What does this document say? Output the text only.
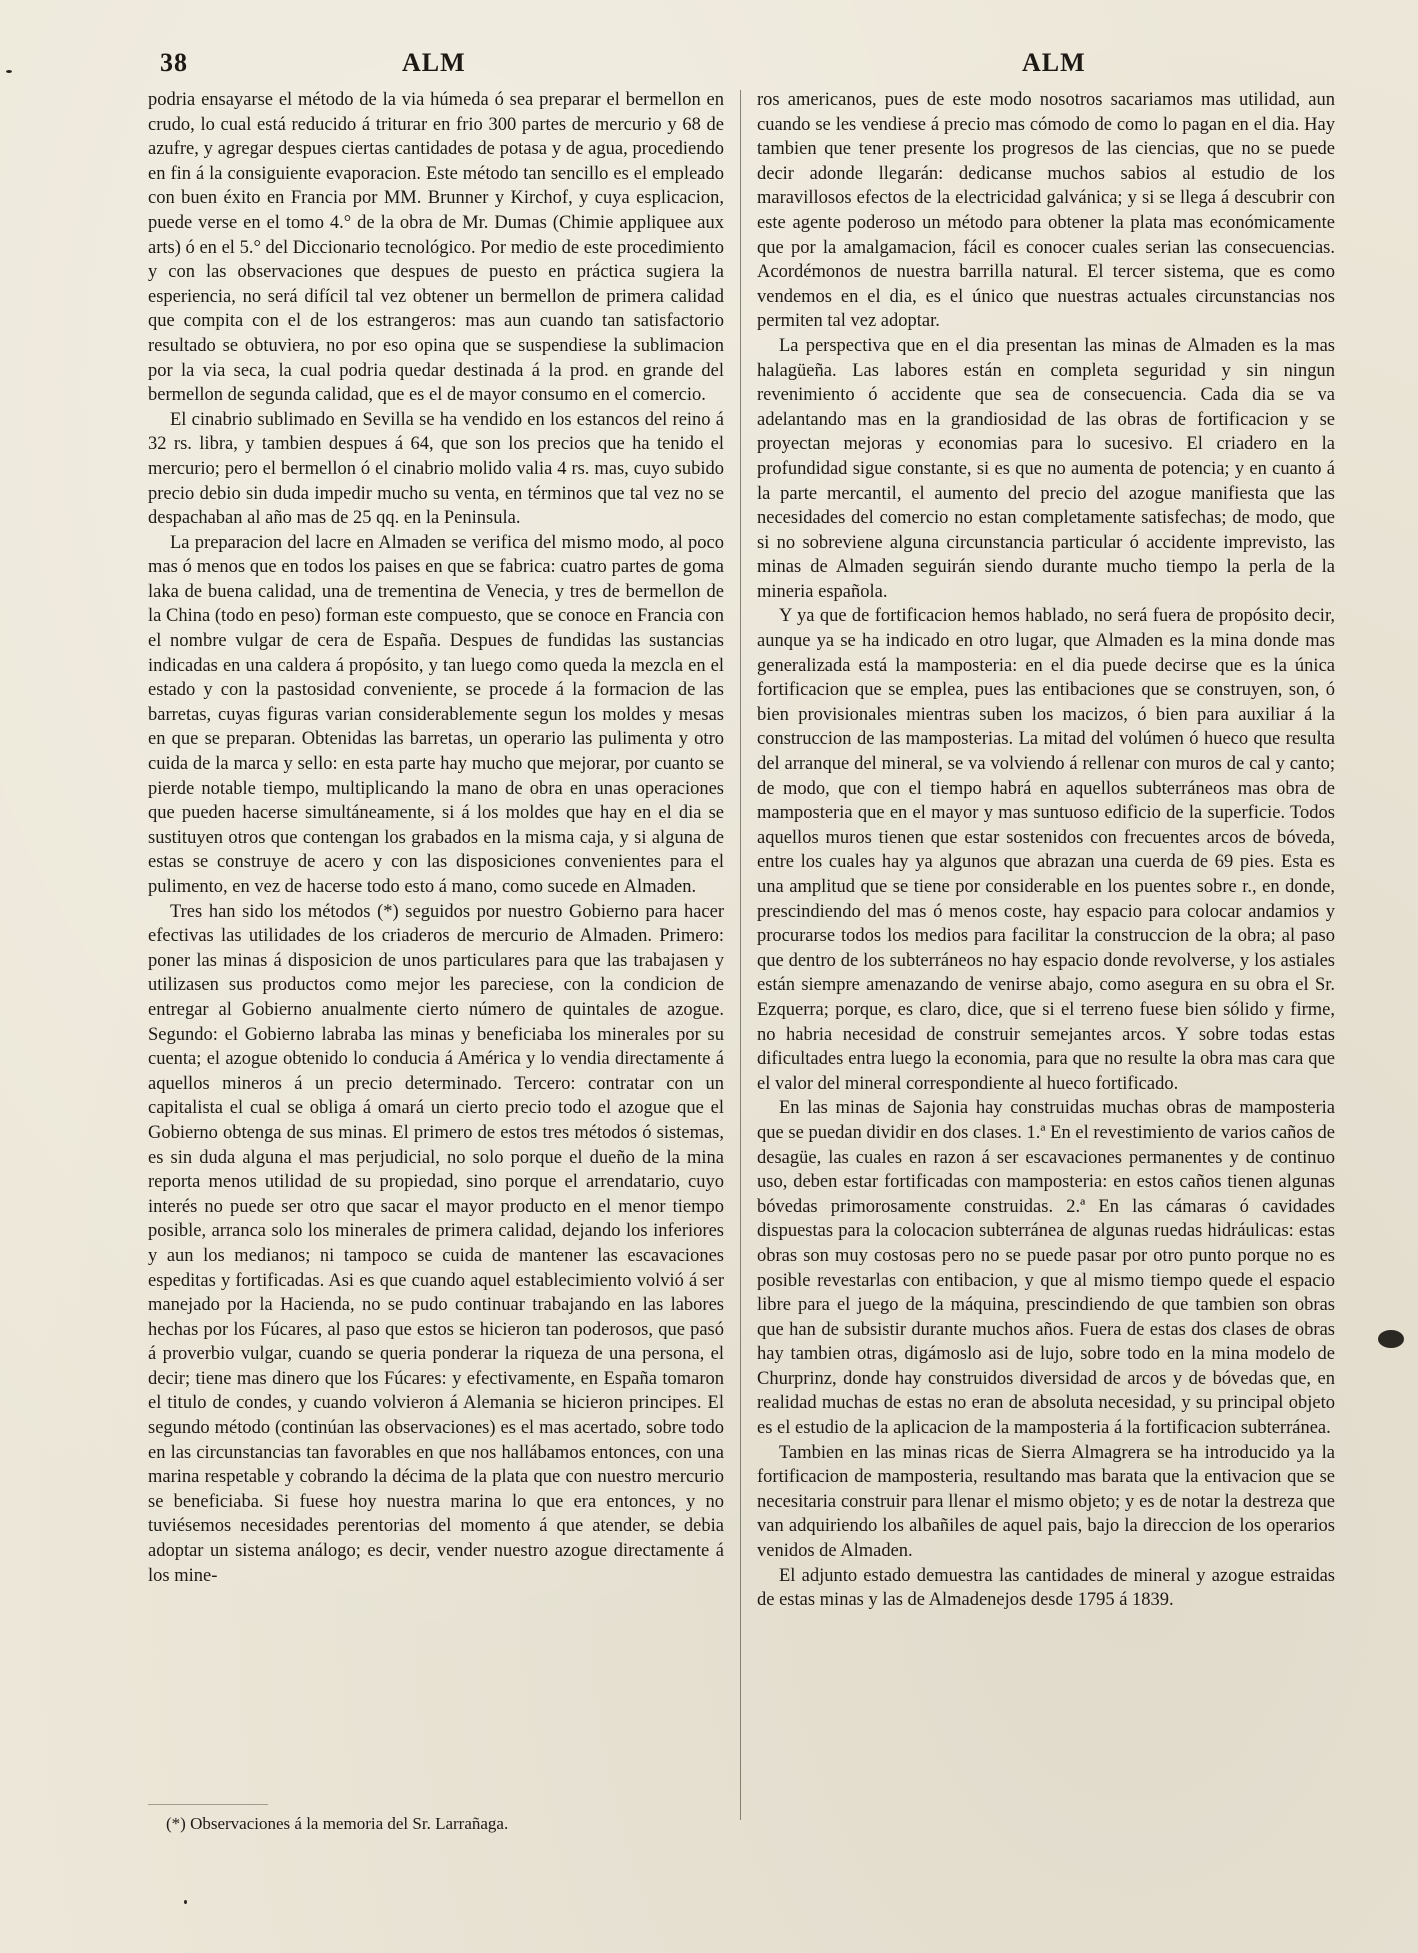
38	ALM	ALM

podria ensayarse el método de la via húmeda ó sea preparar el bermellon en crudo, lo cual está reducido á triturar en frio 300 partes de mercurio y 68 de azufre, y agregar despues ciertas cantidades de potasa y de agua, procediendo en fin á la consiguiente evaporacion. Este método tan sencillo es el empleado con buen éxito en Francia por MM. Brunner y Kirchof, y cuya esplicacion, puede verse en el tomo 4.° de la obra de Mr. Dumas (Chimie appliquee aux arts) ó en el 5.° del Diccionario tecnológico. Por medio de este procedimiento y con las observaciones que despues de puesto en práctica sugiera la esperiencia, no será difícil tal vez obtener un bermellon de primera calidad que compita con el de los estrangeros: mas aun cuando tan satisfactorio resultado se obtuviera, no por eso opina que se suspendiese la sublimacion por la via seca, la cual podria quedar destinada á la prod. en grande del bermellon de segunda calidad, que es el de mayor consumo en el comercio.

El cinabrio sublimado en Sevilla se ha vendido en los estancos del reino á 32 rs. libra, y tambien despues á 64, que son los precios que ha tenido el mercurio; pero el bermellon ó el cinabrio molido valia 4 rs. mas, cuyo subido precio debio sin duda impedir mucho su venta, en términos que tal vez no se despachaban al año mas de 25 qq. en la Peninsula.

La preparacion del lacre en Almaden se verifica del mismo modo, al poco mas ó menos que en todos los paises en que se fabrica: cuatro partes de goma laka de buena calidad, una de trementina de Venecia, y tres de bermellon de la China (todo en peso) forman este compuesto, que se conoce en Francia con el nombre vulgar de cera de España. Despues de fundidas las sustancias indicadas en una caldera á propósito, y tan luego como queda la mezcla en el estado y con la pastosidad conveniente, se procede á la formacion de las barretas, cuyas figuras varian considerablemente segun los moldes y mesas en que se preparan. Obtenidas las barretas, un operario las pulimenta y otro cuida de la marca y sello: en esta parte hay mucho que mejorar, por cuanto se pierde notable tiempo, multiplicando la mano de obra en unas operaciones que pueden hacerse simultáneamente, si á los moldes que hay en el dia se sustituyen otros que contengan los grabados en la misma caja, y si alguna de estas se construye de acero y con las disposiciones convenientes para el pulimento, en vez de hacerse todo esto á mano, como sucede en Almaden.

Tres han sido los métodos (*) seguidos por nuestro Gobierno para hacer efectivas las utilidades de los criaderos de mercurio de Almaden. Primero: poner las minas á disposicion de unos particulares para que las trabajasen y utilizasen sus productos como mejor les pareciese, con la condicion de entregar al Gobierno anualmente cierto número de quintales de azogue. Segundo: el Gobierno labraba las minas y beneficiaba los minerales por su cuenta; el azogue obtenido lo conducia á América y lo vendia directamente á aquellos mineros á un precio determinado. Tercero: contratar con un capitalista el cual se obliga á omará un cierto precio todo el azogue que el Gobierno obtenga de sus minas. El primero de estos tres métodos ó sistemas, es sin duda alguna el mas perjudicial, no solo porque el dueño de la mina reporta menos utilidad de su propiedad, sino porque el arrendatario, cuyo interés no puede ser otro que sacar el mayor producto en el menor tiempo posible, arranca solo los minerales de primera calidad, dejando los inferiores y aun los medianos; ni tampoco se cuida de mantener las escavaciones espeditas y fortificadas. Asi es que cuando aquel establecimiento volvió á ser manejado por la Hacienda, no se pudo continuar trabajando en las labores hechas por los Fúcares, al paso que estos se hicieron tan poderosos, que pasó á proverbio vulgar, cuando se queria ponderar la riqueza de una persona, el decir; tiene mas dinero que los Fúcares: y efectivamente, en España tomaron el titulo de condes, y cuando volvieron á Alemania se hicieron principes. El segundo método (continúan las observaciones) es el mas acertado, sobre todo en las circunstancias tan favorables en que nos hallábamos entonces, con una marina respetable y cobrando la décima de la plata que con nuestro mercurio se beneficiaba. Si fuese hoy nuestra marina lo que era entonces, y no tuviésemos necesidades perentorias del momento á que atender, se debia adoptar un sistema análogo; es decir, vender nuestro azogue directamente á los mine-

ros americanos, pues de este modo nosotros sacariamos mas utilidad, aun cuando se les vendiese á precio mas cómodo de como lo pagan en el dia. Hay tambien que tener presente los progresos de las ciencias, que no se puede decir adonde llegarán: dedicanse muchos sabios al estudio de los maravillosos efectos de la electricidad galvánica; y si se llega á descubrir con este agente poderoso un método para obtener la plata mas económicamente que por la amalgamacion, fácil es conocer cuales serian las consecuencias. Acordémonos de nuestra barrilla natural. El tercer sistema, que es como vendemos en el dia, es el único que nuestras actuales circunstancias nos permiten tal vez adoptar.

La perspectiva que en el dia presentan las minas de Almaden es la mas halagüeña. Las labores están en completa seguridad y sin ningun revenimiento ó accidente que sea de consecuencia. Cada dia se va adelantando mas en la grandiosidad de las obras de fortificacion y se proyectan mejoras y economias para lo sucesivo. El criadero en la profundidad sigue constante, si es que no aumenta de potencia; y en cuanto á la parte mercantil, el aumento del precio del azogue manifiesta que las necesidades del comercio no estan completamente satisfechas; de modo, que si no sobreviene alguna circunstancia particular ó accidente imprevisto, las minas de Almaden seguirán siendo durante mucho tiempo la perla de la mineria española.

Y ya que de fortificacion hemos hablado, no será fuera de propósito decir, aunque ya se ha indicado en otro lugar, que Almaden es la mina donde mas generalizada está la mamposteria: en el dia puede decirse que es la única fortificacion que se emplea, pues las entibaciones que se construyen, son, ó bien provisionales mientras suben los macizos, ó bien para auxiliar á la construccion de las mamposterias. La mitad del volúmen ó hueco que resulta del arranque del mineral, se va volviendo á rellenar con muros de cal y canto; de modo, que con el tiempo habrá en aquellos subterráneos mas obra de mamposteria que en el mayor y mas suntuoso edificio de la superficie. Todos aquellos muros tienen que estar sostenidos con frecuentes arcos de bóveda, entre los cuales hay ya algunos que abrazan una cuerda de 69 pies. Esta es una amplitud que se tiene por considerable en los puentes sobre r., en donde, prescindiendo del mas ó menos coste, hay espacio para colocar andamios y procurarse todos los medios para facilitar la construccion de la obra; al paso que dentro de los subterráneos no hay espacio donde revolverse, y los astiales están siempre amenazando de venirse abajo, como asegura en su obra el Sr. Ezquerra; porque, es claro, dice, que si el terreno fuese bien sólido y firme, no habria necesidad de construir semejantes arcos. Y sobre todas estas dificultades entra luego la economia, para que no resulte la obra mas cara que el valor del mineral correspondiente al hueco fortificado.

En las minas de Sajonia hay construidas muchas obras de mamposteria que se puedan dividir en dos clases. 1.ª En el revestimiento de varios caños de desagüe, las cuales en razon á ser escavaciones permanentes y de continuo uso, deben estar fortificadas con mamposteria: en estos caños tienen algunas bóvedas primorosamente construidas. 2.ª En las cámaras ó cavidades dispuestas para la colocacion subterránea de algunas ruedas hidráulicas: estas obras son muy costosas pero no se puede pasar por otro punto porque no es posible revestarlas con entibacion, y que al mismo tiempo quede el espacio libre para el juego de la máquina, prescindiendo de que tambien son obras que han de subsistir durante muchos años. Fuera de estas dos clases de obras hay tambien otras, digámoslo asi de lujo, sobre todo en la mina modelo de Churprinz, donde hay construidos diversidad de arcos y de bóvedas que, en realidad muchas de estas no eran de absoluta necesidad, y su principal objeto es el estudio de la aplicacion de la mamposteria á la fortificacion subterránea.

Tambien en las minas ricas de Sierra Almagrera se ha introducido ya la fortificacion de mamposteria, resultando mas barata que la entivacion que se necesitaria construir para llenar el mismo objeto; y es de notar la destreza que van adquiriendo los albañiles de aquel pais, bajo la direccion de los operarios venidos de Almaden.

El adjunto estado demuestra las cantidades de mineral y azogue estraidas de estas minas y las de Almadenejos desde 1795 á 1839.

(*) Observaciones á la memoria del Sr. Larrañaga.
